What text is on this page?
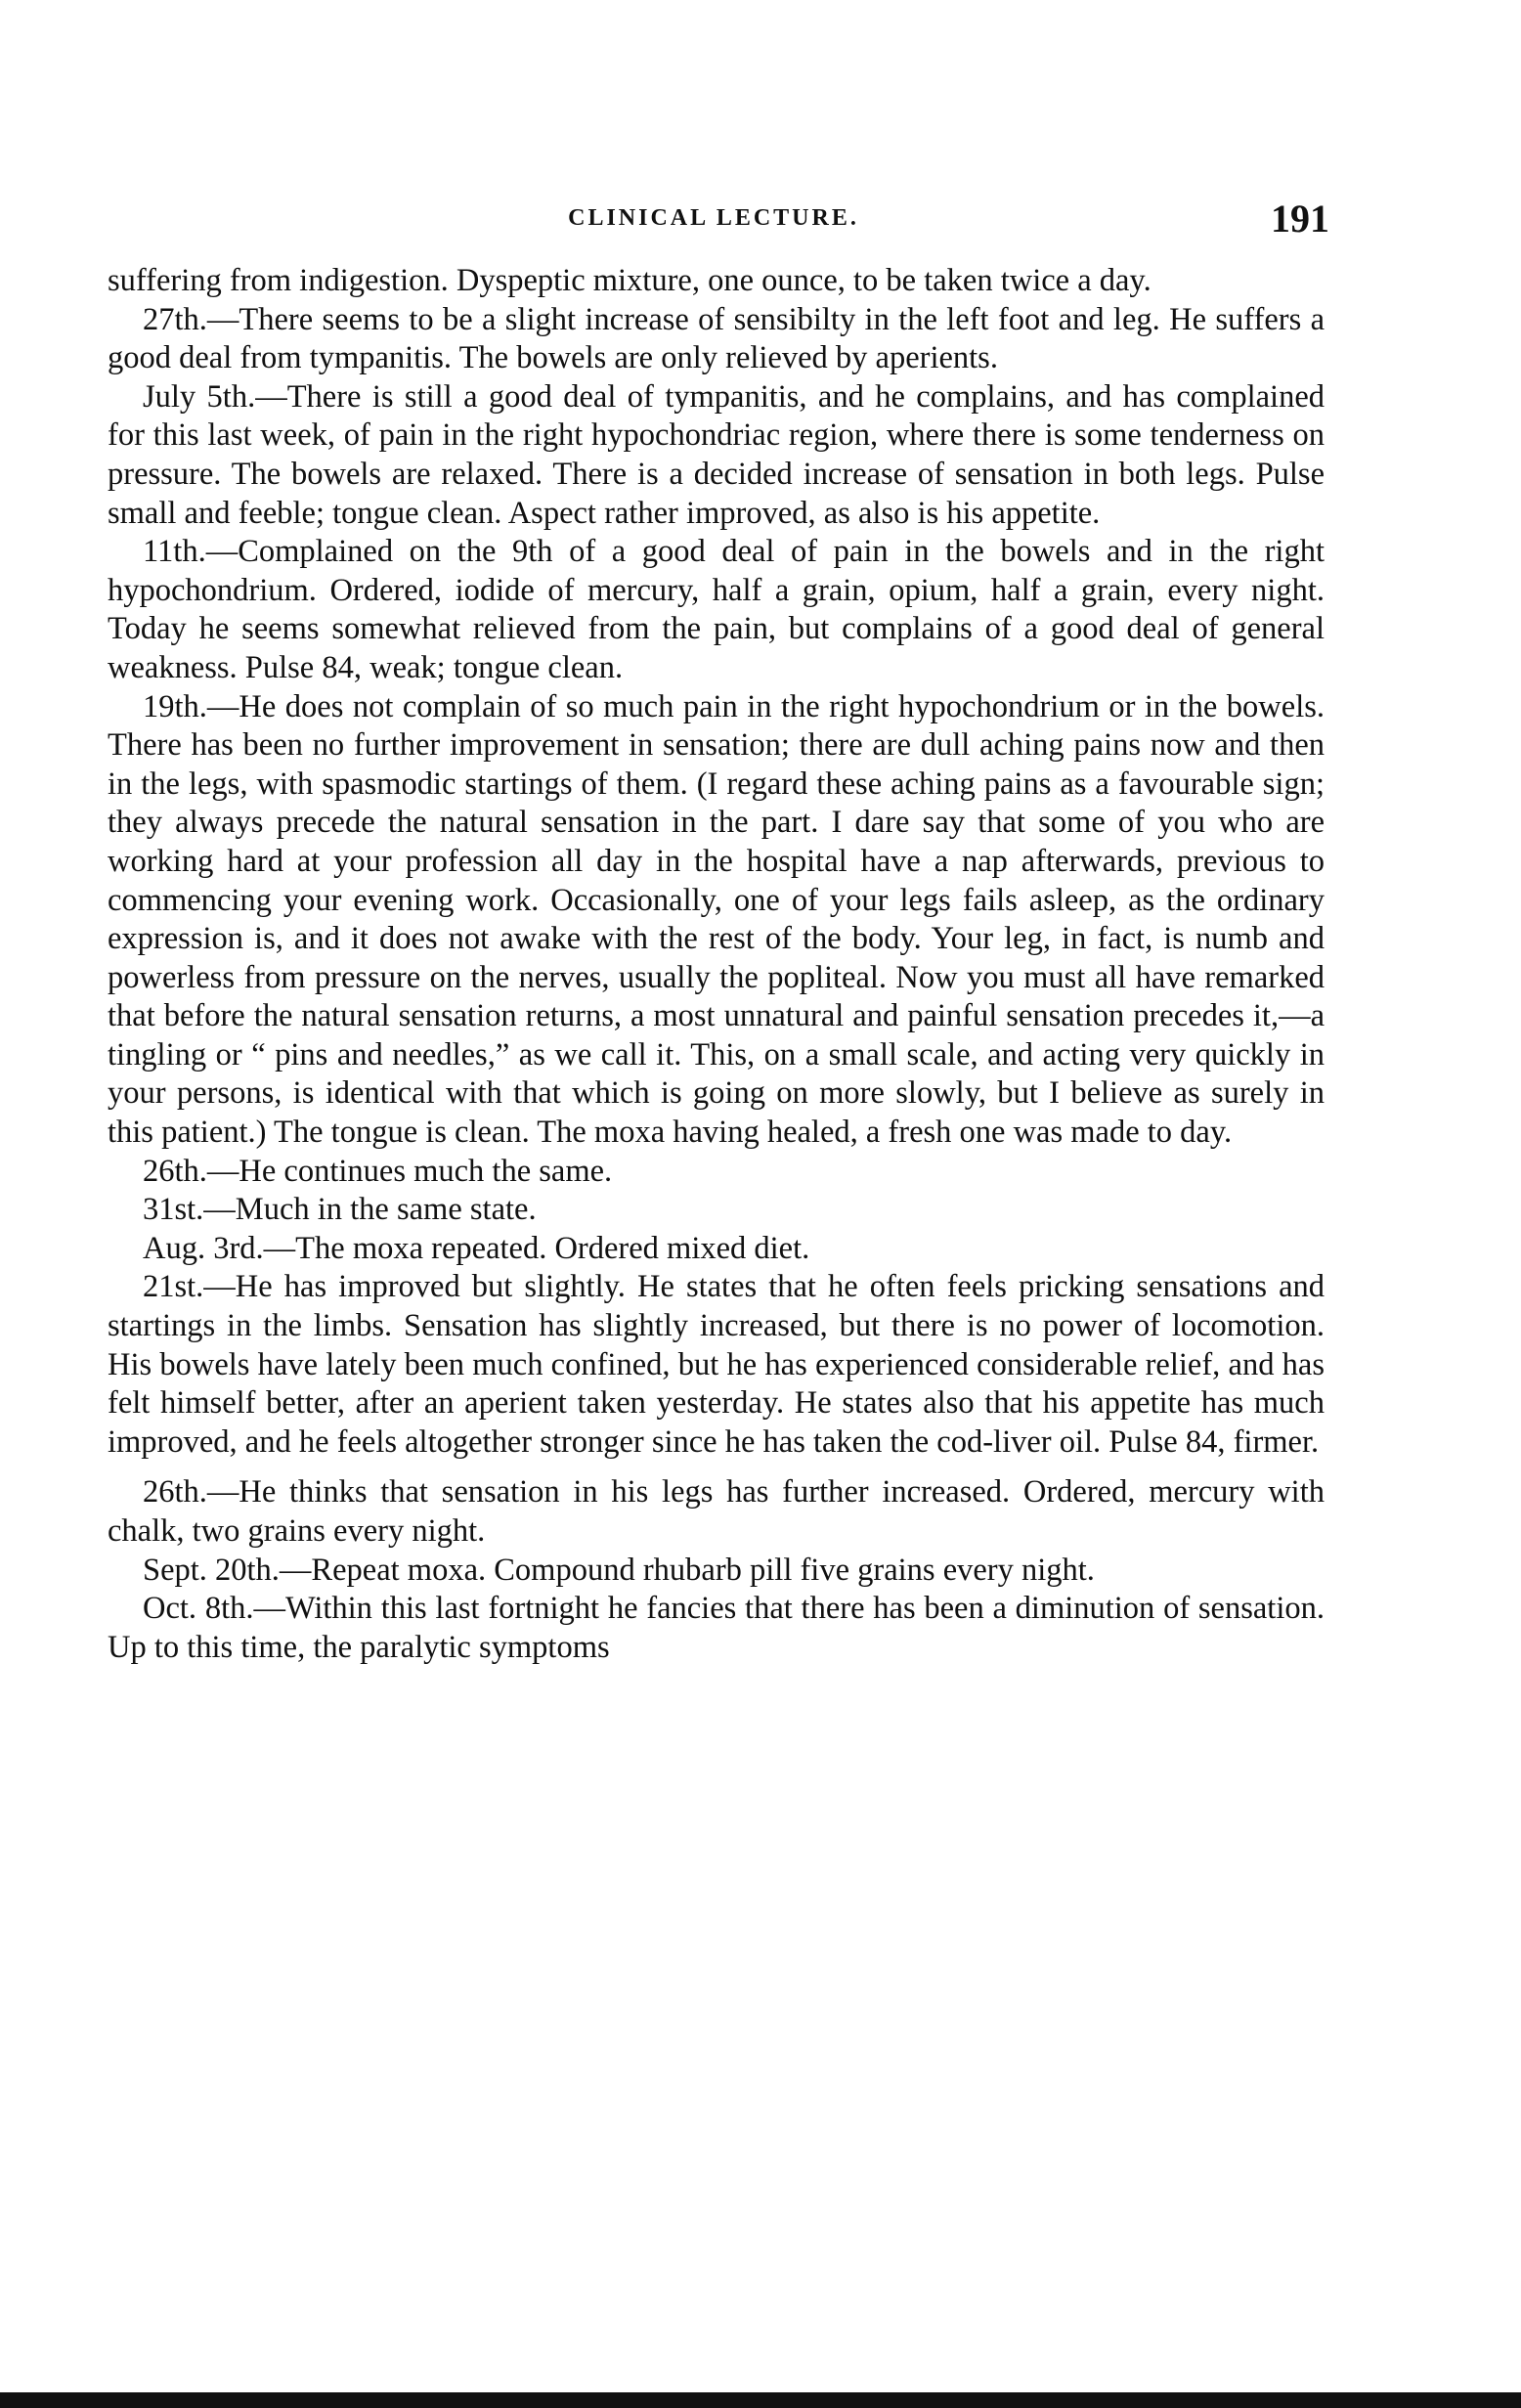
CLINICAL LECTURE.	191

suffering from indigestion. Dyspeptic mixture, one ounce, to be taken twice a day.

27th.—There seems to be a slight increase of sensibilty in the left foot and leg. He suffers a good deal from tympanitis. The bowels are only relieved by aperients.

July 5th.—There is still a good deal of tympanitis, and he complains, and has complained for this last week, of pain in the right hypochondriac region, where there is some tenderness on pressure. The bowels are relaxed. There is a decided increase of sensation in both legs. Pulse small and feeble; tongue clean. Aspect rather improved, as also is his appetite.

11th.—Complained on the 9th of a good deal of pain in the bowels and in the right hypochondrium. Ordered, iodide of mercury, half a grain, opium, half a grain, every night. Today he seems somewhat relieved from the pain, but complains of a good deal of general weakness. Pulse 84, weak; tongue clean.

19th.—He does not complain of so much pain in the right hypochondrium or in the bowels. There has been no further improvement in sensation; there are dull aching pains now and then in the legs, with spasmodic startings of them. (I regard these aching pains as a favourable sign; they always precede the natural sensation in the part. I dare say that some of you who are working hard at your profession all day in the hospital have a nap afterwards, previous to commencing your evening work. Occasionally, one of your legs fails asleep, as the ordinary expression is, and it does not awake with the rest of the body. Your leg, in fact, is numb and powerless from pressure on the nerves, usually the popliteal. Now you must all have remarked that before the natural sensation returns, a most unnatural and painful sensation precedes it,—a tingling or “ pins and needles,” as we call it. This, on a small scale, and acting very quickly in your persons, is identical with that which is going on more slowly, but I believe as surely in this patient.) The tongue is clean. The moxa having healed, a fresh one was made to day.

26th.—He continues much the same.

31st.—Much in the same state.

Aug. 3rd.—The moxa repeated. Ordered mixed diet.

21st.—He has improved but slightly. He states that he often feels pricking sensations and startings in the limbs. Sensation has slightly increased, but there is no power of locomotion. His bowels have lately been much confined, but he has experienced considerable relief, and has felt himself better, after an aperient taken yesterday. He states also that his appetite has much improved, and he feels altogether stronger since he has taken the cod-liver oil. Pulse 84, firmer.

26th.—He thinks that sensation in his legs has further increased. Ordered, mercury with chalk, two grains every night.

Sept. 20th.—Repeat moxa. Compound rhubarb pill five grains every night.

Oct. 8th.—Within this last fortnight he fancies that there has been a diminution of sensation. Up to this time, the paralytic symptoms
